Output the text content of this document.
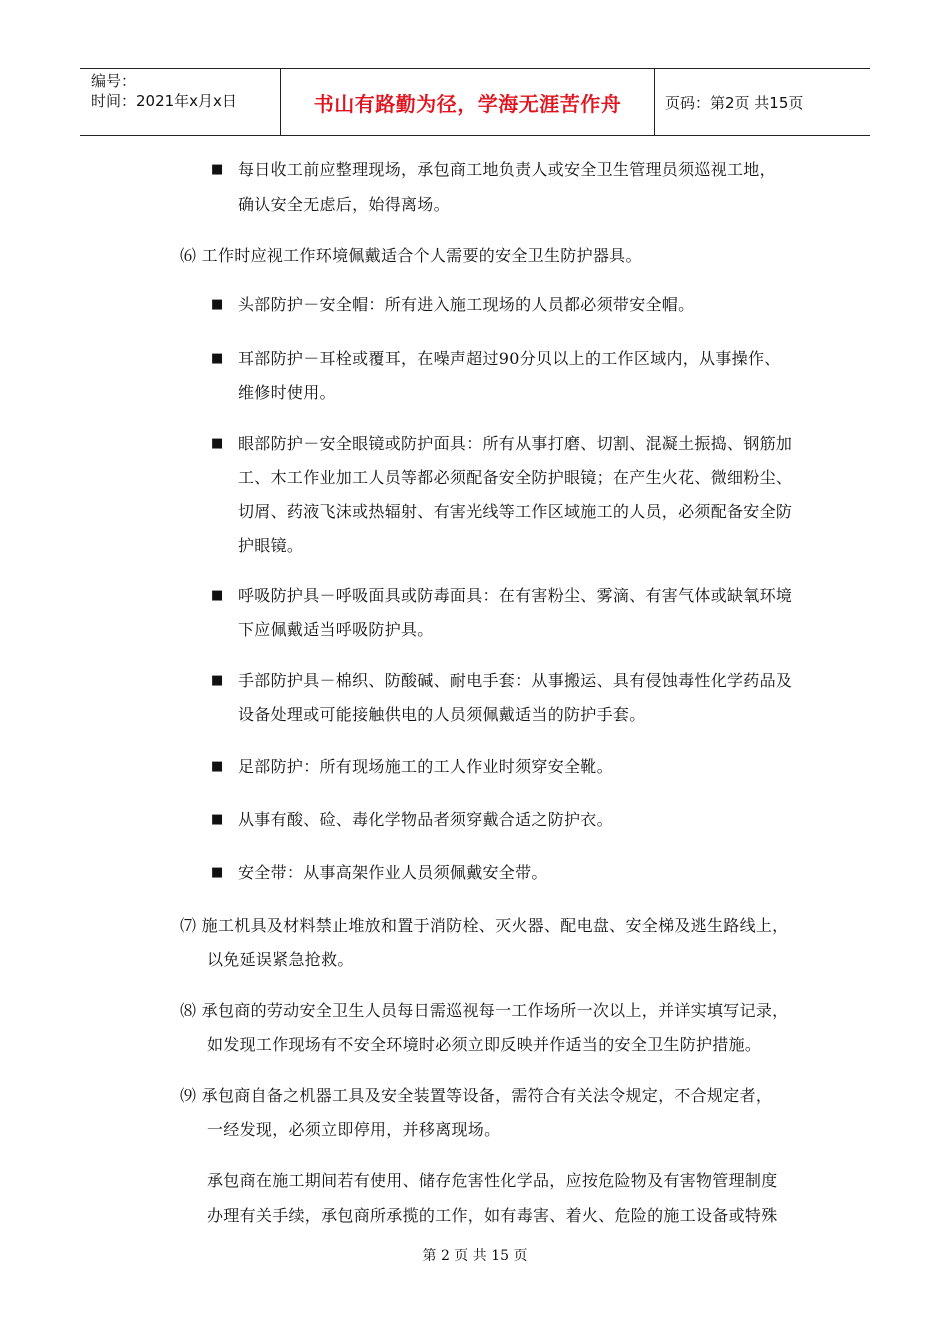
编号：
时间：2021年x月x日	书山有路勤为径，学海无涯苦作舟	页码：第2页 共15页
■ 每日收工前应整理现场，承包商工地负责人或安全卫生管理员须巡视工地，
确认安全无虑后，始得离场。
⑹ 工作时应视工作环境佩戴适合个人需要的安全卫生防护器具。
■ 头部防护－安全帽：所有进入施工现场的人员都必须带安全帽。
■ 耳部防护－耳栓或覆耳，在噪声超过90分贝以上的工作区域内，从事操作、
维修时使用。
■ 眼部防护－安全眼镜或防护面具：所有从事打磨、切割、混凝土振捣、钢筋加
工、木工作业加工人员等都必须配备安全防护眼镜；在产生火花、微细粉尘、
切屑、药液飞沫或热辐射、有害光线等工作区域施工的人员，必须配备安全防
护眼镜。
■ 呼吸防护具－呼吸面具或防毒面具：在有害粉尘、雾滴、有害气体或缺氧环境
下应佩戴适当呼吸防护具。
■ 手部防护具－棉织、防酸碱、耐电手套：从事搬运、具有侵蚀毒性化学药品及
设备处理或可能接触供电的人员须佩戴适当的防护手套。
■ 足部防护：所有现场施工的工人作业时须穿安全靴。
■ 从事有酸、硷、毒化学物品者须穿戴合适之防护衣。
■ 安全带：从事高架作业人员须佩戴安全带。
⑺ 施工机具及材料禁止堆放和置于消防栓、灭火器、配电盘、安全梯及逃生路线上，
以免延误紧急抢救。
⑻ 承包商的劳动安全卫生人员每日需巡视每一工作场所一次以上，并详实填写记录，
如发现工作现场有不安全环境时必须立即反映并作适当的安全卫生防护措施。
⑼ 承包商自备之机器工具及安全装置等设备，需符合有关法令规定，不合规定者，
一经发现，必须立即停用，并移离现场。
承包商在施工期间若有使用、储存危害性化学品，应按危险物及有害物管理制度
办理有关手续，承包商所承揽的工作，如有毒害、着火、危险的施工设备或特殊
第 2 页 共 15 页
